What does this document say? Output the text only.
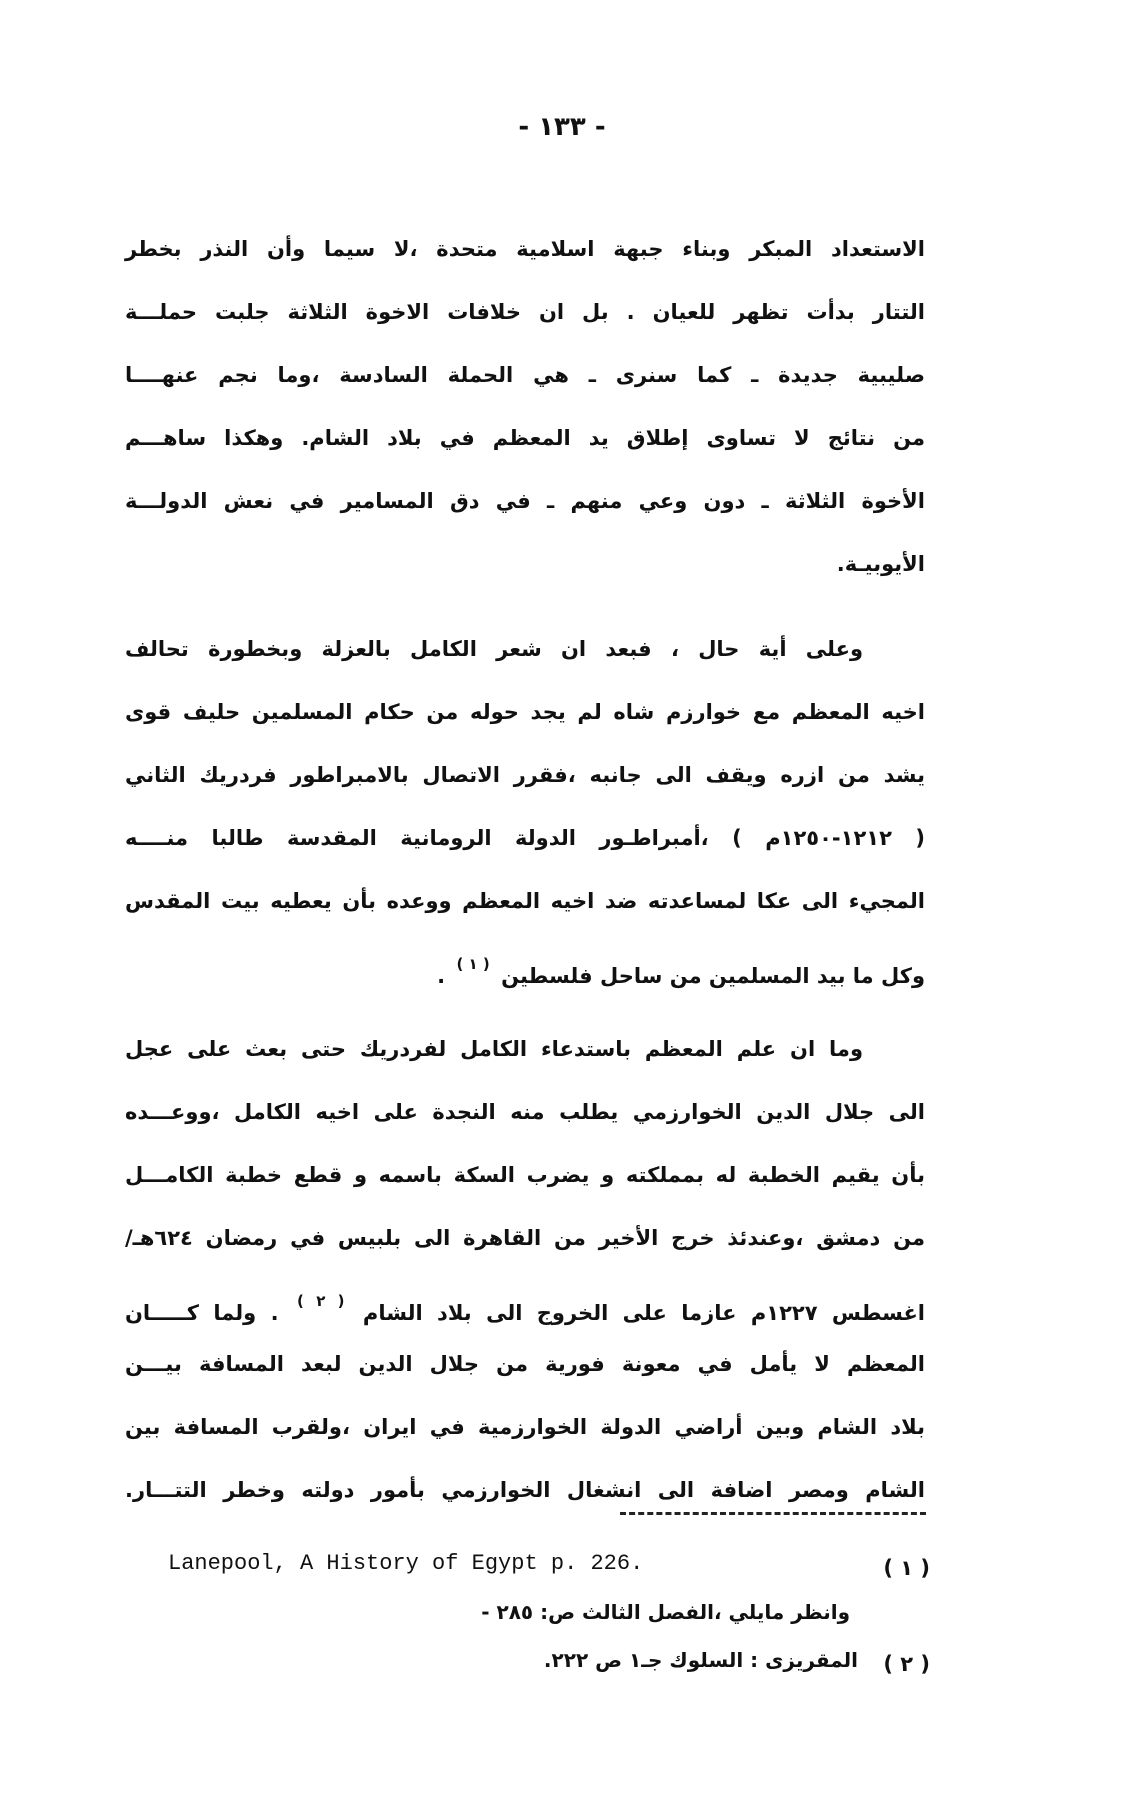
- ١٣٣ -
الاستعداد المبكر وبناء جبهة اسلامية متحدة ،لا سيما وأن النذر بخطر
التتار بدأت تظهر للعيان . بل ان خلافات الاخوة الثلاثة جلبت حملـــة
صليبية جديدة ـ كما سنرى ـ هي الحملة السادسة ،وما نجم عنهــــا
من نتائج لا تساوى إطلاق يد المعظم في بلاد الشام. وهكذا ساهـــم
الأخوة الثلاثة ـ دون وعي منهم ـ في دق المسامير في نعش الدولـــة
الأيوبيـة.
وعلى أية حال ، فبعد ان شعر الكامل بالعزلة وبخطورة تحالف
اخيه المعظم مع خوارزم شاه لم يجد حوله من حكام المسلمين حليف قوى
يشد من ازره ويقف الى جانبه ،فقرر الاتصال بالامبراطور فردريك الثاني
( ١٢١٢-١٢٥٠م ) ،أمبراطـور الدولة الرومانية المقدسة طالبا منــــه
المجيء الى عكا لمساعدته ضد اخيه المعظم ووعده بأن يعطيه بيت المقدس
وكل ما بيد المسلمين من ساحل فلسطين $^{( ١ )}$ .
وما ان علم المعظم باستدعاء الكامل لفردريك حتى بعث على عجل
الى جلال الدين الخوارزمي يطلب منه النجدة على اخيه الكامل ،ووعـــده
بأن يقيم الخطبة له بمملكته و يضرب السكة باسمه و قطع خطبة الكامـــل
من دمشق ،وعندئذ خرج الأخير من القاهرة الى بلبيس في رمضان ٦٢٤هـ/
اغسطس ١٢٢٧م عازما على الخروج الى بلاد الشام $^{( ٢ )}$ . ولما كـــــان
المعظم لا يأمل في معونة فورية من جلال الدين لبعد المسافة بيـــن
بلاد الشام وبين أراضي الدولة الخوارزمية في ايران ،ولقرب المسافة بين
الشام ومصر اضافة الى انشغال الخوارزمي بأمور دولته وخطر التتـــار.
Lanepool, A History of Egypt p. 226.	( ١ )
وانظر مايلي ،الفصل الثالث ص: ٢٨٥ -
( ٢ )
المقريزى : السلوك جـ١ ص ٢٢٢.
